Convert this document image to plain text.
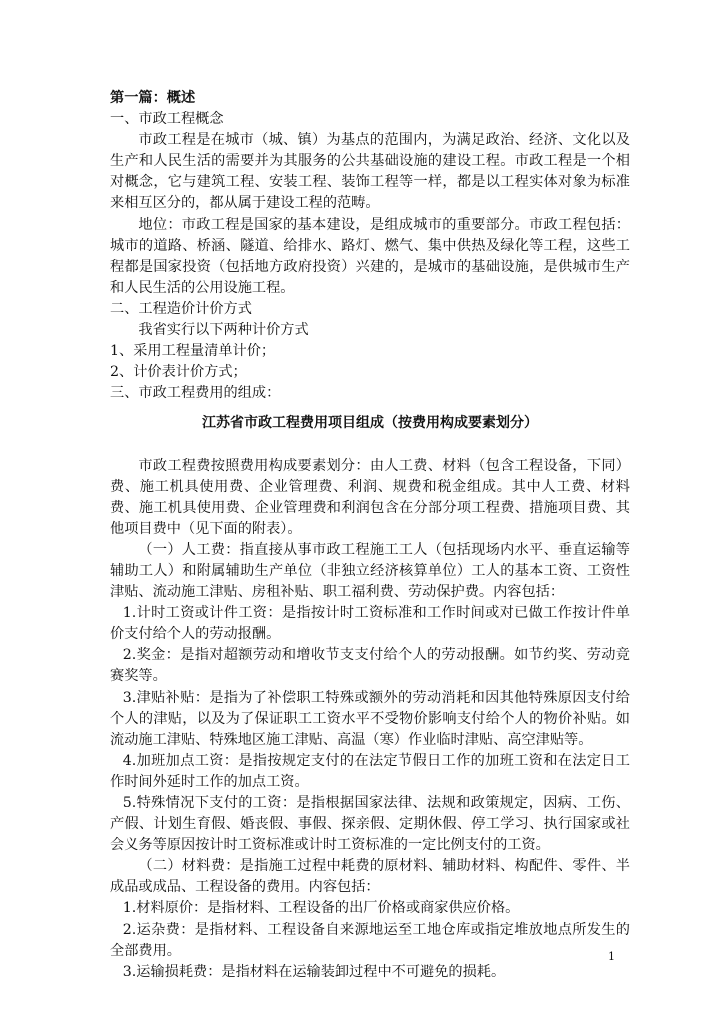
第一篇：概述

一、市政工程概念

市政工程是在城市（城、镇）为基点的范围内，为满足政治、经济、文化以及生产和人民生活的需要并为其服务的公共基础设施的建设工程。市政工程是一个相对概念，它与建筑工程、安装工程、装饰工程等一样，都是以工程实体对象为标准来相互区分的，都从属于建设工程的范畴。

地位：市政工程是国家的基本建设，是组成城市的重要部分。市政工程包括：城市的道路、桥涵、隧道、给排水、路灯、燃气、集中供热及绿化等工程，这些工程都是国家投资（包括地方政府投资）兴建的，是城市的基础设施，是供城市生产和人民生活的公用设施工程。

二、工程造价计价方式

我省实行以下两种计价方式

1、采用工程量清单计价；

2、计价表计价方式；

三、市政工程费用的组成：

江苏省市政工程费用项目组成（按费用构成要素划分）

市政工程费按照费用构成要素划分：由人工费、材料（包含工程设备，下同）费、施工机具使用费、企业管理费、利润、规费和税金组成。其中人工费、材料费、施工机具使用费、企业管理费和利润包含在分部分项工程费、措施项目费、其他项目费中（见下面的附表）。

（一）人工费：指直接从事市政工程施工工人（包括现场内水平、垂直运输等辅助工人）和附属辅助生产单位（非独立经济核算单位）工人的基本工资、工资性津贴、流动施工津贴、房租补贴、职工福利费、劳动保护费。内容包括：

1.计时工资或计件工资：是指按计时工资标准和工作时间或对已做工作按计件单价支付给个人的劳动报酬。

2.奖金：是指对超额劳动和增收节支支付给个人的劳动报酬。如节约奖、劳动竞赛奖等。

3.津贴补贴：是指为了补偿职工特殊或额外的劳动消耗和因其他特殊原因支付给个人的津贴，以及为了保证职工工资水平不受物价影响支付给个人的物价补贴。如流动施工津贴、特殊地区施工津贴、高温（寒）作业临时津贴、高空津贴等。

4.加班加点工资：是指按规定支付的在法定节假日工作的加班工资和在法定日工作时间外延时工作的加点工资。

5.特殊情况下支付的工资：是指根据国家法律、法规和政策规定，因病、工伤、产假、计划生育假、婚丧假、事假、探亲假、定期休假、停工学习、执行国家或社会义务等原因按计时工资标准或计时工资标准的一定比例支付的工资。

（二）材料费：是指施工过程中耗费的原材料、辅助材料、构配件、零件、半成品或成品、工程设备的费用。内容包括：

1.材料原价：是指材料、工程设备的出厂价格或商家供应价格。

2.运杂费：是指材料、工程设备自来源地运至工地仓库或指定堆放地点所发生的全部费用。

3.运输损耗费：是指材料在运输装卸过程中不可避免的损耗。

1
